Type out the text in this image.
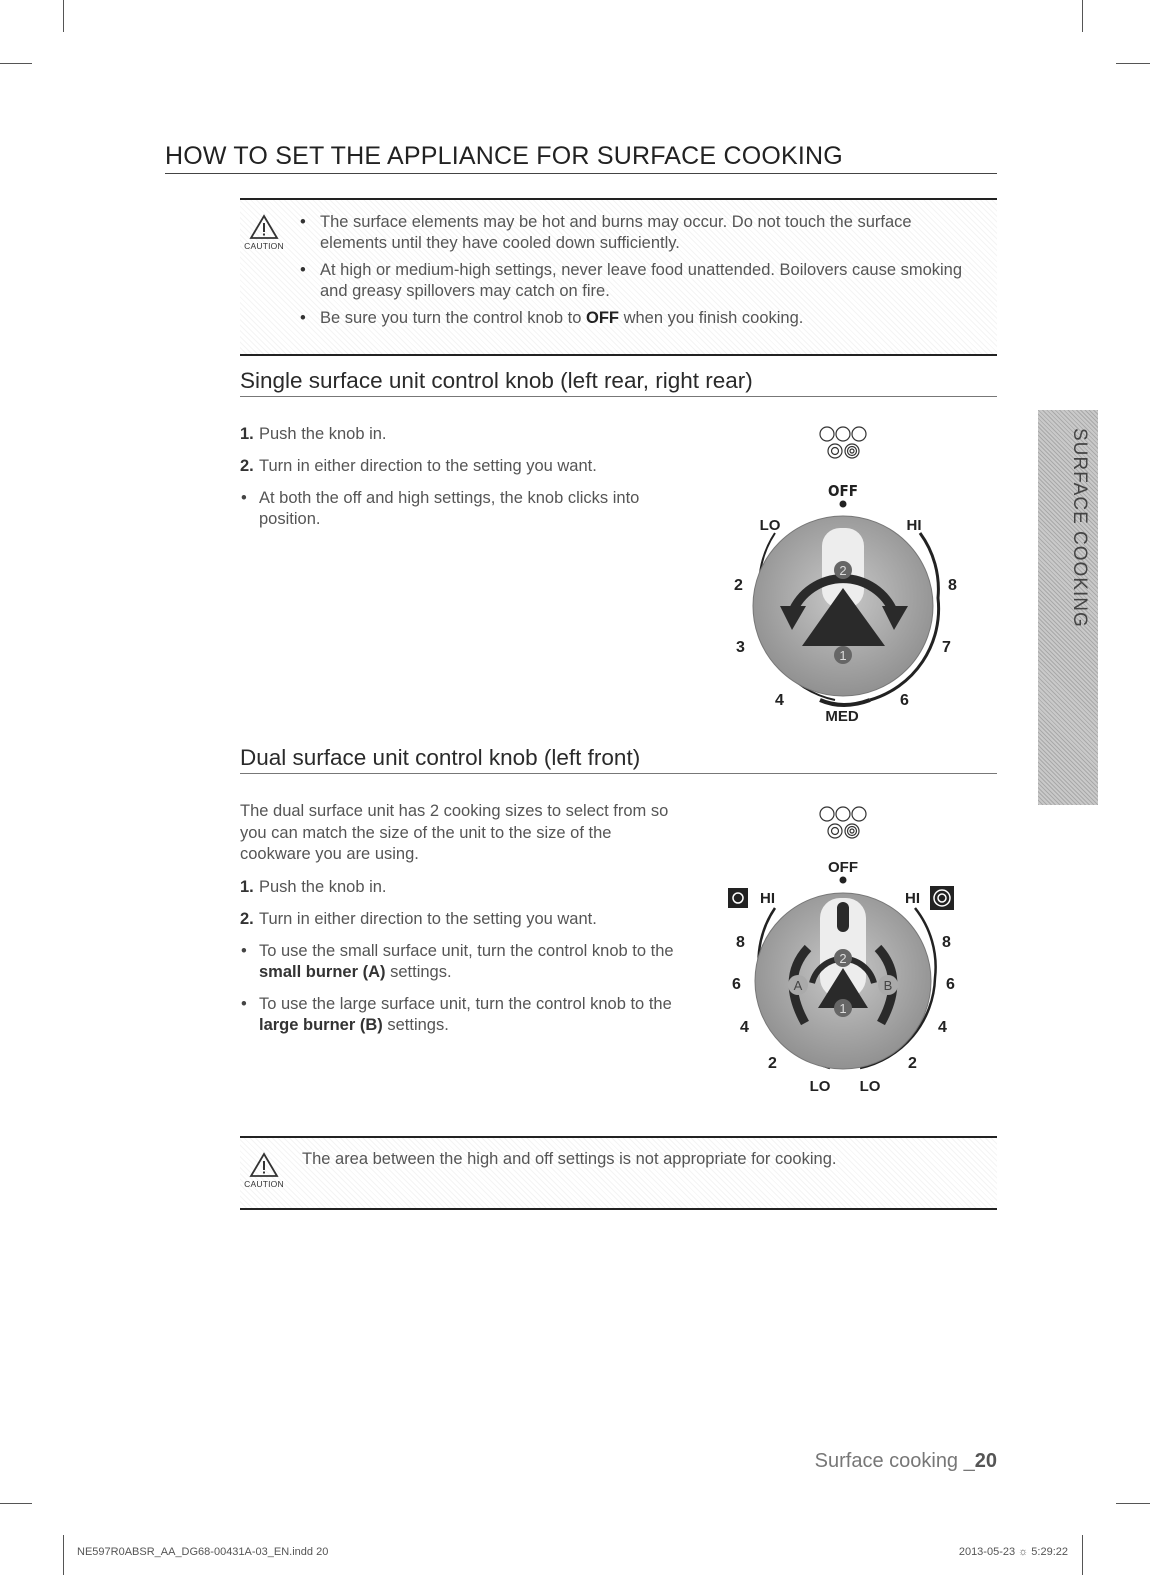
HOW TO SET THE APPLIANCE FOR SURFACE COOKING
CAUTION
• The surface elements may be hot and burns may occur. Do not touch the surface elements until they have cooled down sufficiently.
• At high or medium-high settings, never leave food unattended. Boilovers cause smoking and greasy spillovers may catch on fire.
• Be sure you turn the control knob to OFF when you finish cooking.
Single surface unit control knob (left rear, right rear)
1. Push the knob in.
2. Turn in either direction to the setting you want.
• At both the off and high settings, the knob clicks into position.
OFF
LO	HI
2
1
2
3
4
8
7
6
MED
Dual surface unit control knob (left front)
The dual surface unit has 2 cooking sizes to select from so you can match the size of the unit to the size of the cookware you are using.
1. Push the knob in.
2. Turn in either direction to the setting you want.
• To use the small surface unit, turn the control knob to the small burner (A) settings.
• To use the large surface unit, turn the control knob to the large burner (B) settings.
OFF
HI	HI
A	B
2
1
8
6
4
2
8
6
4
2
LO LO
CAUTION
The area between the high and off settings is not appropriate for cooking.
SURFACE COOKING
Surface cooking _20
NE597R0ABSR_AA_DG68-00431A-03_EN.indd 20	2013-05-23 ☼ 5:29:22
